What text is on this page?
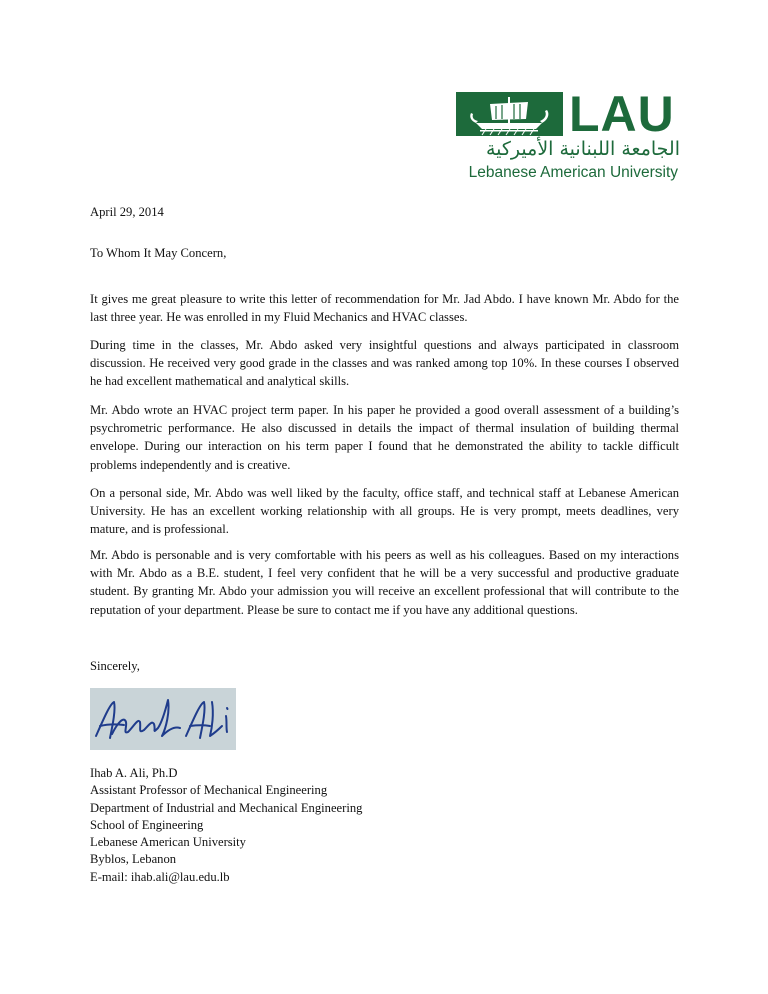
LAU
الجامعة اللبنانية الأميركية
Lebanese American University
April 29, 2014
To Whom It May Concern,
It gives me great pleasure to write this letter of recommendation for Mr. Jad Abdo. I have known Mr. Abdo for the last three year. He was enrolled in my Fluid Mechanics and HVAC classes.
During time in the classes, Mr. Abdo asked very insightful questions and always participated in classroom discussion. He received very good grade in the classes and was ranked among top 10%. In these courses I observed he had excellent mathematical and analytical skills.
Mr. Abdo wrote an HVAC project term paper. In his paper he provided a good overall assessment of a building’s psychrometric performance. He also discussed in details the impact of thermal insulation of building thermal envelope. During our interaction on his term paper I found that he demonstrated the ability to tackle difficult problems independently and is creative.
On a personal side, Mr. Abdo was well liked by the faculty, office staff, and technical staff at Lebanese American University. He has an excellent working relationship with all groups. He is very prompt, meets deadlines, very mature, and is professional.
Mr. Abdo is personable and is very comfortable with his peers as well as his colleagues. Based on my interactions with Mr. Abdo as a B.E. student, I feel very confident that he will be a very successful and productive graduate student. By granting Mr. Abdo your admission you will receive an excellent professional that will contribute to the reputation of your department. Please be sure to contact me if you have any additional questions.
Sincerely,
Ihab A. Ali, Ph.D
Assistant Professor of Mechanical Engineering
Department of Industrial and Mechanical Engineering
School of Engineering
Lebanese American University
Byblos, Lebanon
E-mail: ihab.ali@lau.edu.lb
